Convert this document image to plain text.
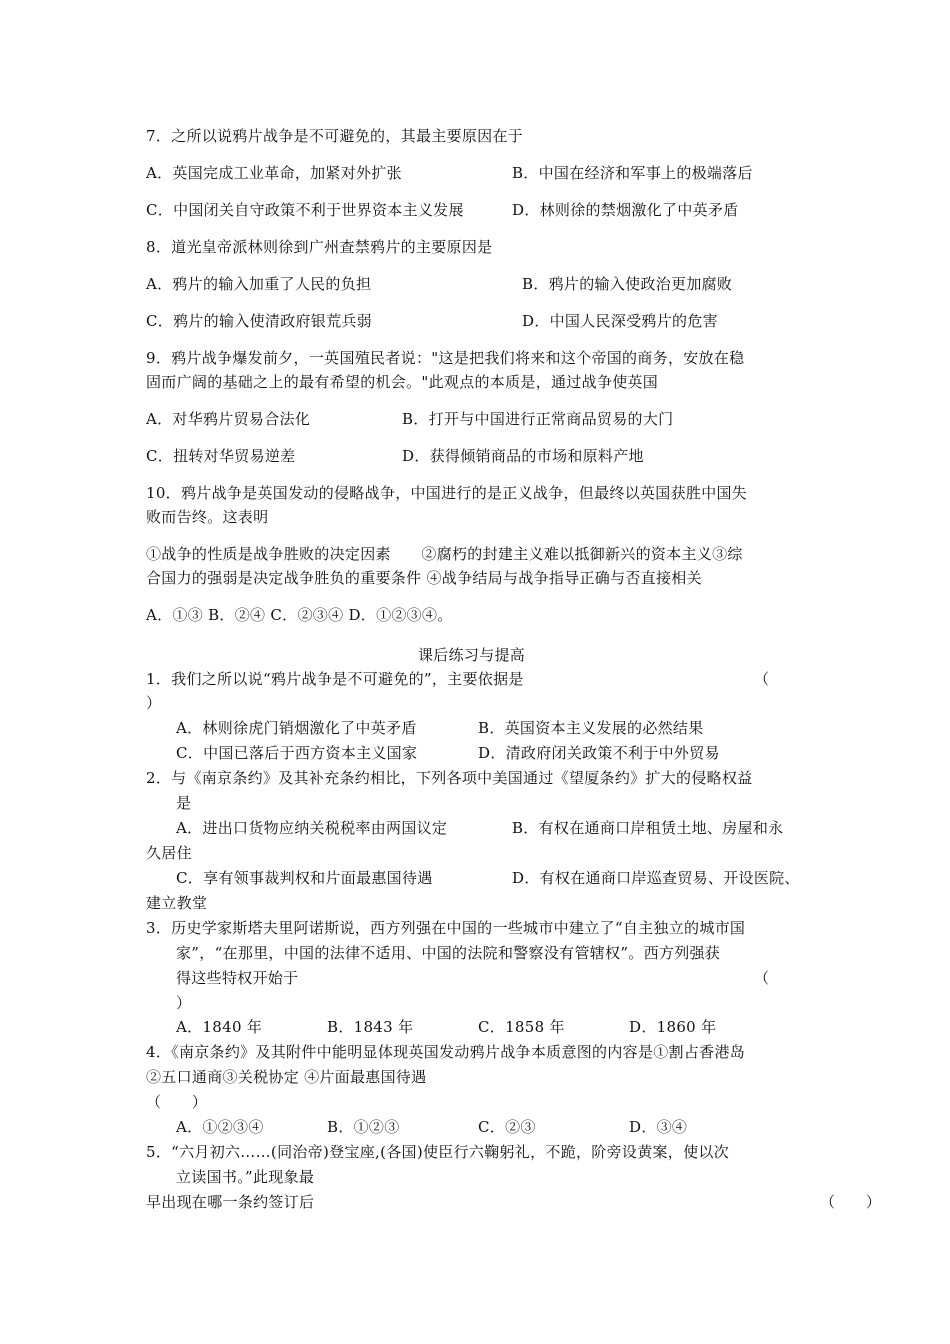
7．之所以说鸦片战争是不可避免的，其最主要原因在于
A．英国完成工业革命，加紧对外扩张	B．中国在经济和军事上的极端落后
C．中国闭关自守政策不利于世界资本主义发展	D．林则徐的禁烟激化了中英矛盾
8．道光皇帝派林则徐到广州查禁鸦片的主要原因是
A．鸦片的输入加重了人民的负担	B．鸦片的输入使政治更加腐败
C．鸦片的输入使清政府银荒兵弱	D．中国人民深受鸦片的危害
9．鸦片战争爆发前夕，一英国殖民者说："这是把我们将来和这个帝国的商务，安放在稳
固而广阔的基础之上的最有希望的机会。"此观点的本质是，通过战争使英国
A．对华鸦片贸易合法化	B．打开与中国进行正常商品贸易的大门
C．扭转对华贸易逆差	D．获得倾销商品的市场和原料产地
10．鸦片战争是英国发动的侵略战争，中国进行的是正义战争，但最终以英国获胜中国失
败而告终。这表明
①战争的性质是战争胜败的决定因素　　②腐朽的封建主义难以抵御新兴的资本主义③综
合国力的强弱是决定战争胜负的重要条件 ④战争结局与战争指导正确与否直接相关
A．①③ B．②④ C．②③④ D．①②③④。
课后练习与提高
1．我们之所以说“鸦片战争是不可避免的”，主要依据是	（
）
A．林则徐虎门销烟激化了中英矛盾	B．英国资本主义发展的必然结果
C．中国已落后于西方资本主义国家	D．清政府闭关政策不利于中外贸易
2．与《南京条约》及其补充条约相比，下列各项中美国通过《望厦条约》扩大的侵略权益
是
A．进出口货物应纳关税税率由两国议定	B．有权在通商口岸租赁土地、房屋和永
久居住
C．享有领事裁判权和片面最惠国待遇	D．有权在通商口岸巡查贸易、开设医院、
建立教堂
3．历史学家斯塔夫里阿诺斯说，西方列强在中国的一些城市中建立了“自主独立的城市国
家”，“在那里，中国的法律不适用、中国的法院和警察没有管辖权”。西方列强获
得这些特权开始于	（
）
A．1840 年	B．1843 年	C．1858 年	D．1860 年
4．《南京条约》及其附件中能明显体现英国发动鸦片战争本质意图的内容是①割占香港岛
②五口通商③关税协定 ④片面最惠国待遇
（　　）
A．①②③④	B．①②③	C．②③	D．③④
5．“六月初六……(同治帝)登宝座,(各国)使臣行六鞠躬礼，不跪，阶旁设黄案，使以次
立读国书。”此现象最
早出现在哪一条约签订后	（　　）
